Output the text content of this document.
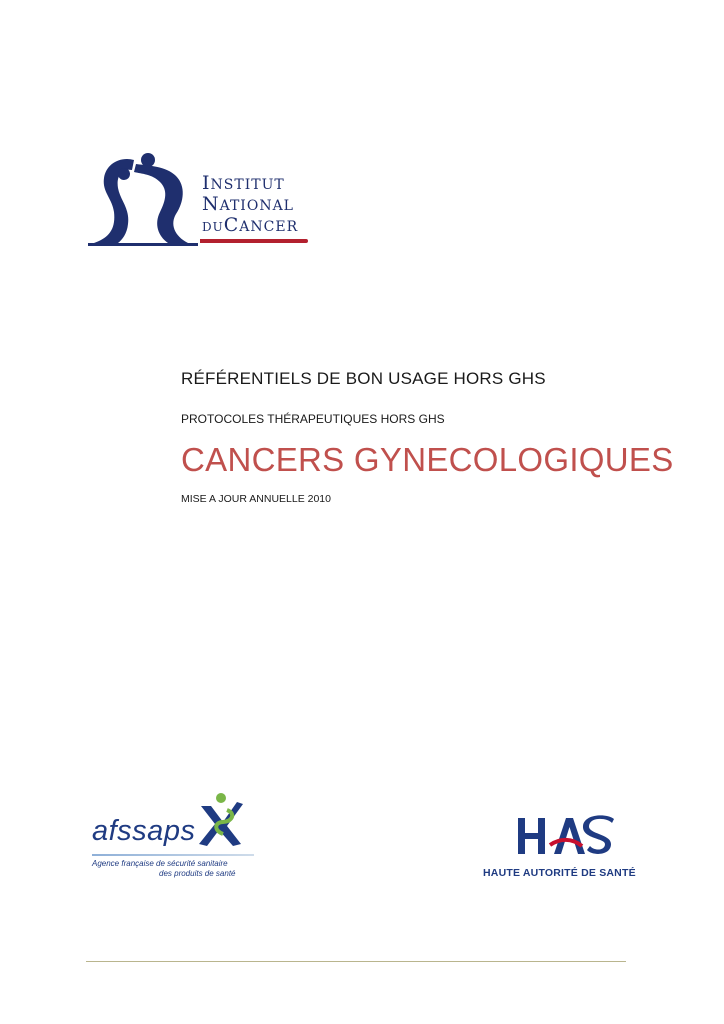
INSTITUT
NATIONAL
DUCANCER
RÉFÉRENTIELS DE BON USAGE HORS GHS
PROTOCOLES THÉRAPEUTIQUES HORS GHS
CANCERS GYNECOLOGIQUES
MISE A JOUR ANNUELLE 2010
afssaps
Agence française de sécurité sanitaire
des produits de santé	HAUTE AUTORITÉ DE SANTÉ
